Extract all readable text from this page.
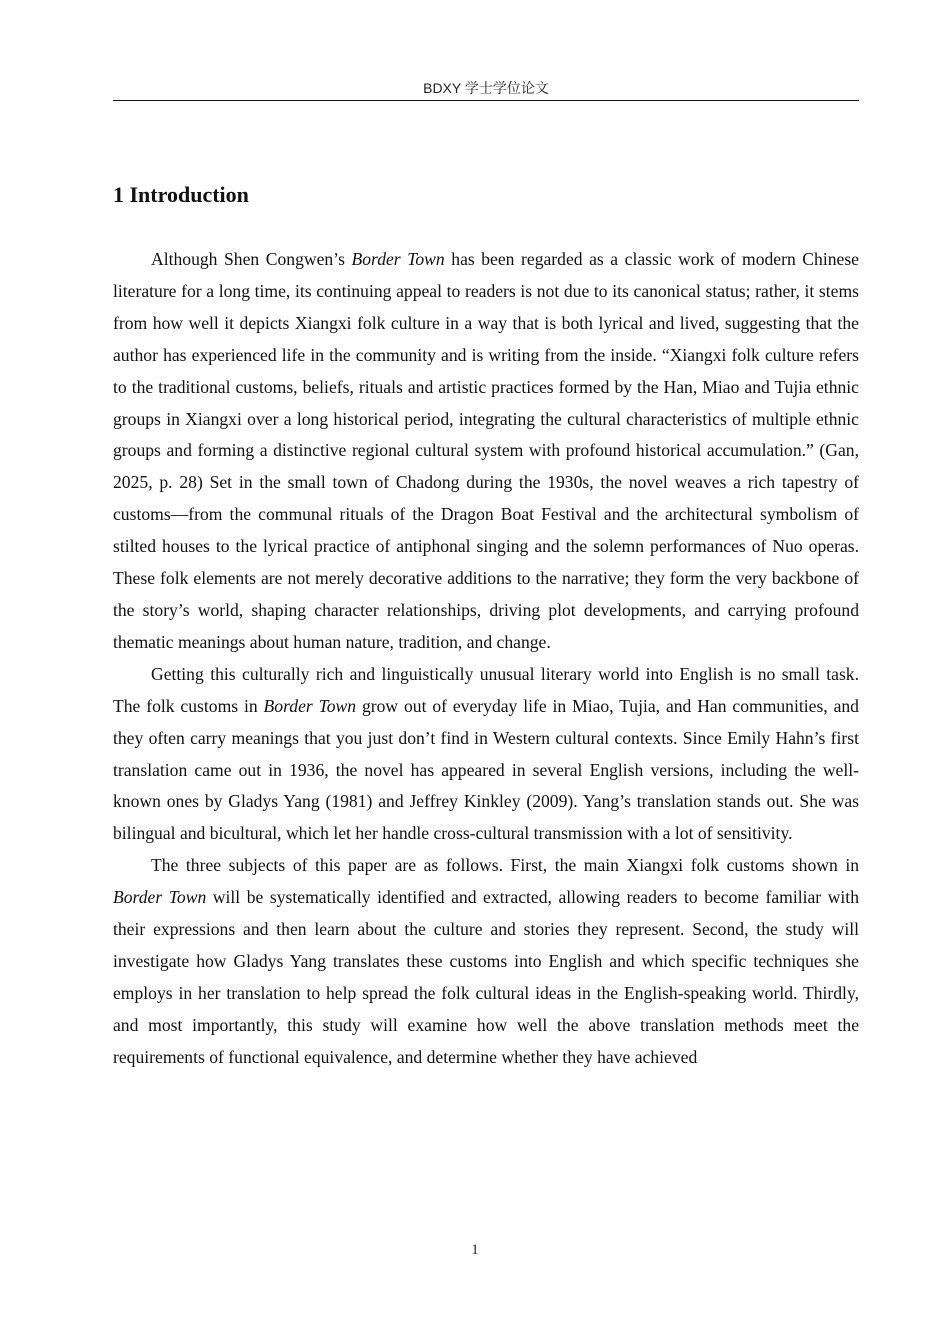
BDXY 学士学位论文
1 Introduction

Although Shen Congwen’s Border Town has been regarded as a classic work of modern Chinese literature for a long time, its continuing appeal to readers is not due to its canonical status; rather, it stems from how well it depicts Xiangxi folk culture in a way that is both lyrical and lived, suggesting that the author has experienced life in the community and is writing from the inside. “Xiangxi folk culture refers to the traditional customs, beliefs, rituals and artistic practices formed by the Han, Miao and Tujia ethnic groups in Xiangxi over a long historical period, integrating the cultural characteristics of multiple ethnic groups and forming a distinctive regional cultural system with profound historical accumulation.” (Gan, 2025, p. 28) Set in the small town of Chadong during the 1930s, the novel weaves a rich tapestry of customs—from the communal rituals of the Dragon Boat Festival and the architectural symbolism of stilted houses to the lyrical practice of antiphonal singing and the solemn performances of Nuo operas. These folk elements are not merely decorative additions to the narrative; they form the very backbone of the story’s world, shaping character relationships, driving plot developments, and carrying profound thematic meanings about human nature, tradition, and change.

Getting this culturally rich and linguistically unusual literary world into English is no small task. The folk customs in Border Town grow out of everyday life in Miao, Tujia, and Han communities, and they often carry meanings that you just don’t find in Western cultural contexts. Since Emily Hahn’s first translation came out in 1936, the novel has appeared in several English versions, including the well-known ones by Gladys Yang (1981) and Jeffrey Kinkley (2009). Yang’s translation stands out. She was bilingual and bicultural, which let her handle cross-cultural transmission with a lot of sensitivity.

The three subjects of this paper are as follows. First, the main Xiangxi folk customs shown in Border Town will be systematically identified and extracted, allowing readers to become familiar with their expressions and then learn about the culture and stories they represent. Second, the study will investigate how Gladys Yang translates these customs into English and which specific techniques she employs in her translation to help spread the folk cultural ideas in the English-speaking world. Thirdly, and most importantly, this study will examine how well the above translation methods meet the requirements of functional equivalence, and determine whether they have achieved

1
